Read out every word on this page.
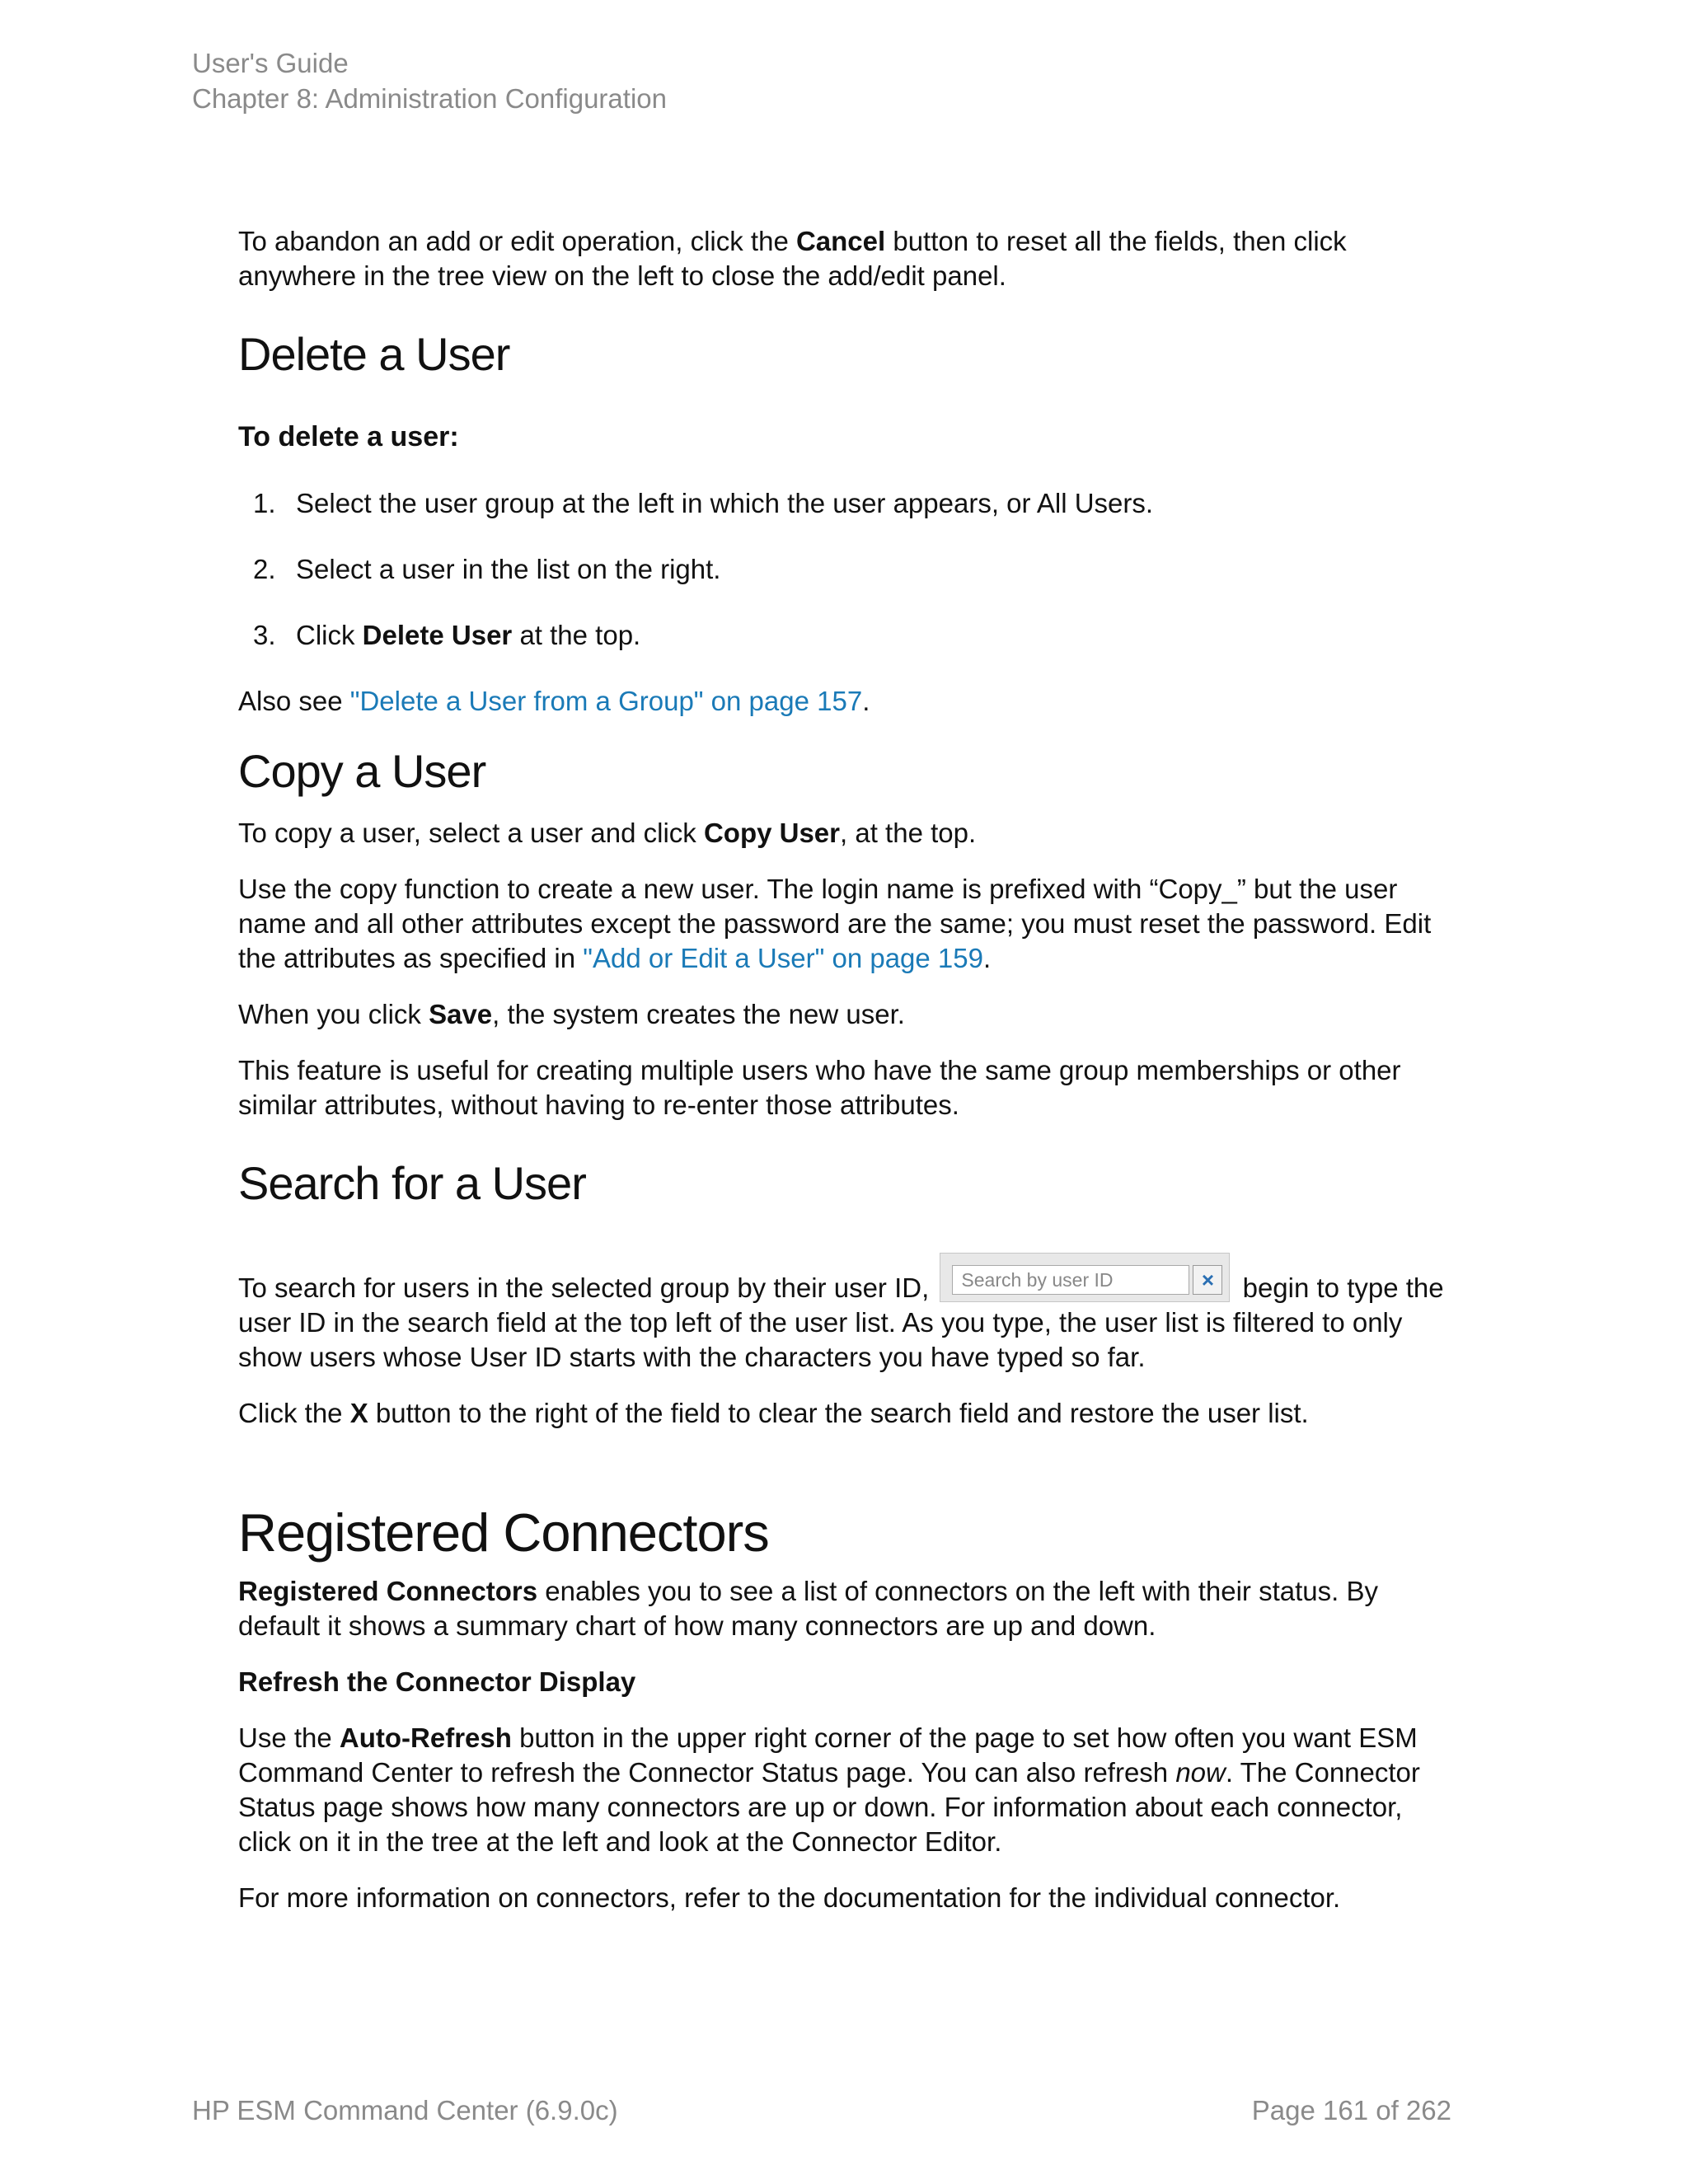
User's Guide
Chapter 8: Administration Configuration

To abandon an add or edit operation, click the Cancel button to reset all the fields, then click anywhere in the tree view on the left to close the add/edit panel.

Delete a User

To delete a user:

1. Select the user group at the left in which the user appears, or All Users.
2. Select a user in the list on the right.
3. Click Delete User at the top.

Also see "Delete a User from a Group" on page 157.

Copy a User

To copy a user, select a user and click Copy User, at the top.

Use the copy function to create a new user. The login name is prefixed with “Copy_” but the user name and all other attributes except the password are the same; you must reset the password. Edit the attributes as specified in "Add or Edit a User" on page 159.

When you click Save, the system creates the new user.

This feature is useful for creating multiple users who have the same group memberships or other similar attributes, without having to re-enter those attributes.

Search for a User

To search for users in the selected group by their user ID,	Search by user ID	× begin to type the user ID in the search field at the top left of the user list. As you type, the user list is filtered to only show users whose User ID starts with the characters you have typed so far.

Click the X button to the right of the field to clear the search field and restore the user list.

Registered Connectors

Registered Connectors enables you to see a list of connectors on the left with their status. By default it shows a summary chart of how many connectors are up and down.

Refresh the Connector Display

Use the Auto-Refresh button in the upper right corner of the page to set how often you want ESM Command Center to refresh the Connector Status page. You can also refresh now. The Connector Status page shows how many connectors are up or down. For information about each connector, click on it in the tree at the left and look at the Connector Editor.

For more information on connectors, refer to the documentation for the individual connector.

HP ESM Command Center (6.9.0c)	Page 161 of 262
